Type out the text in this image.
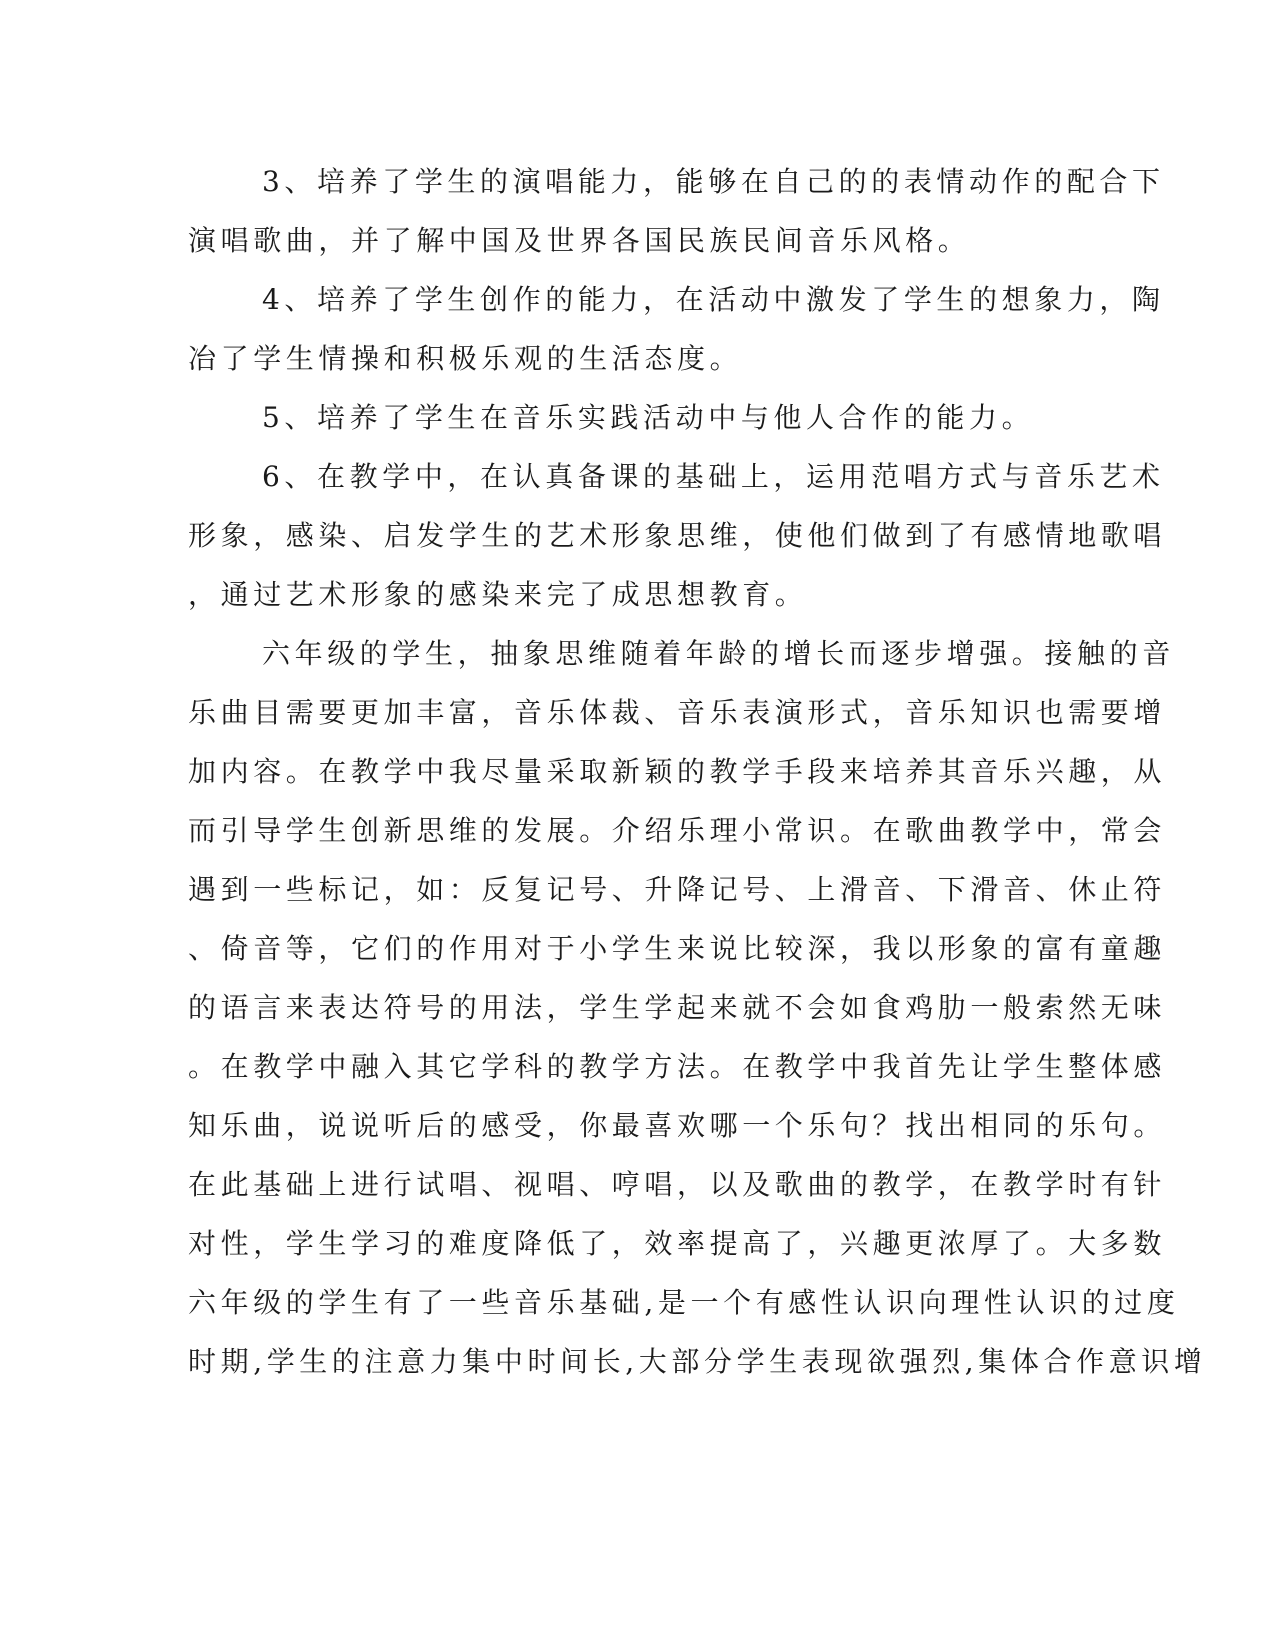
3、培养了学生的演唱能力，能够在自己的的表情动作的配合下
演唱歌曲，并了解中国及世界各国民族民间音乐风格。
4、培养了学生创作的能力，在活动中激发了学生的想象力，陶
冶了学生情操和积极乐观的生活态度。
5、培养了学生在音乐实践活动中与他人合作的能力。
6、在教学中，在认真备课的基础上，运用范唱方式与音乐艺术
形象，感染、启发学生的艺术形象思维，使他们做到了有感情地歌唱
，通过艺术形象的感染来完了成思想教育。
六年级的学生，抽象思维随着年龄的增长而逐步增强。接触的音
乐曲目需要更加丰富，音乐体裁、音乐表演形式，音乐知识也需要增
加内容。在教学中我尽量采取新颖的教学手段来培养其音乐兴趣，从
而引导学生创新思维的发展。介绍乐理小常识。在歌曲教学中，常会
遇到一些标记，如：反复记号、升降记号、上滑音、下滑音、休止符
、倚音等，它们的作用对于小学生来说比较深，我以形象的富有童趣
的语言来表达符号的用法，学生学起来就不会如食鸡肋一般索然无味
。在教学中融入其它学科的教学方法。在教学中我首先让学生整体感
知乐曲，说说听后的感受，你最喜欢哪一个乐句？找出相同的乐句。
在此基础上进行试唱、视唱、哼唱，以及歌曲的教学，在教学时有针
对性，学生学习的难度降低了，效率提高了，兴趣更浓厚了。大多数
六年级的学生有了一些音乐基础,是一个有感性认识向理性认识的过度
时期,学生的注意力集中时间长,大部分学生表现欲强烈,集体合作意识增
